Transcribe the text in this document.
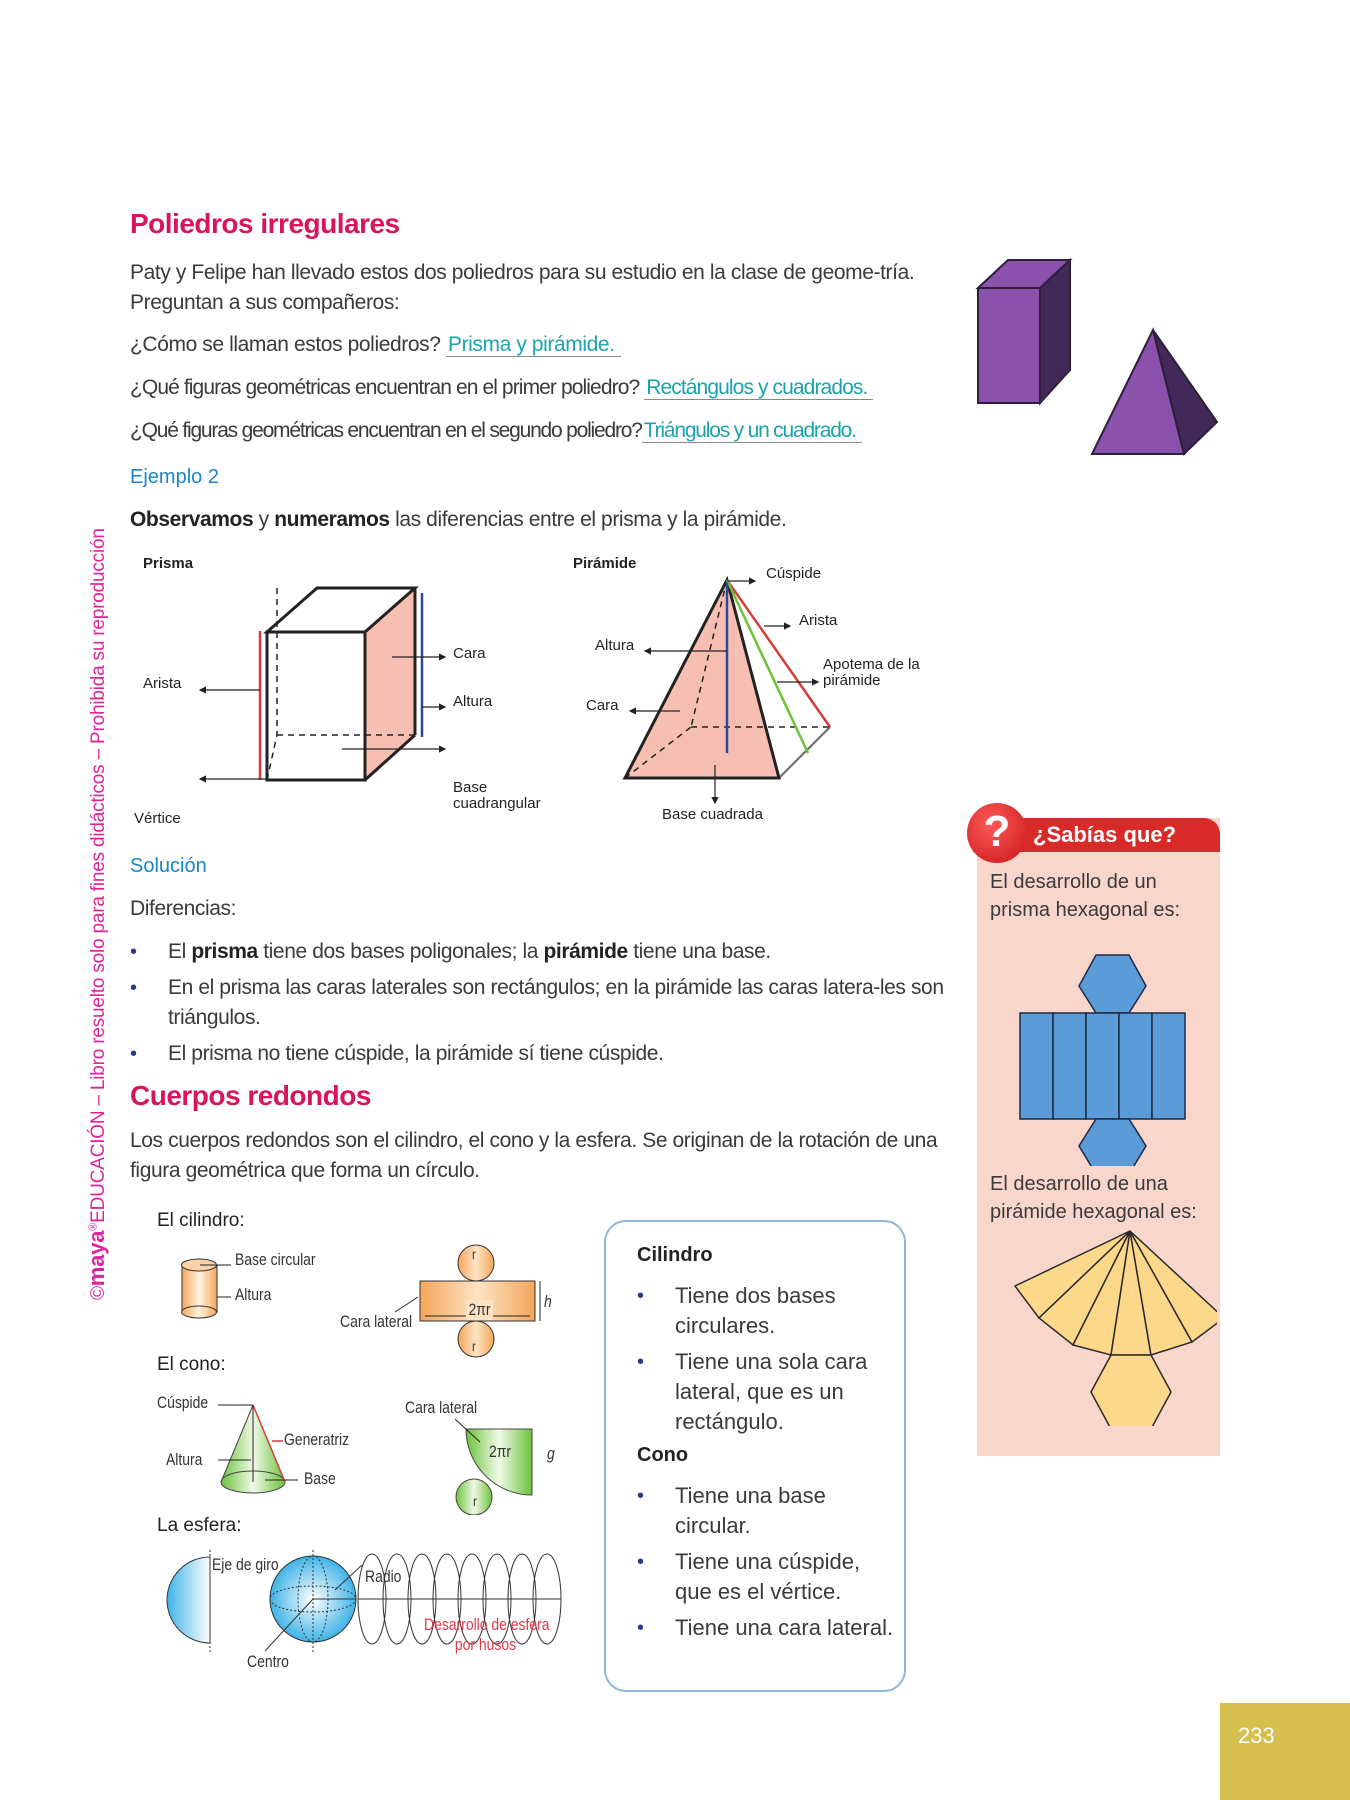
©maya®EDUCACIÓN – Libro resuelto solo para fines didácticos – Prohibida su reproducción
Poliedros irregulares
Paty y Felipe han llevado estos dos poliedros para su estudio en la clase de geome-tría. Preguntan a sus compañeros:
¿Cómo se llaman estos poliedros? Prisma y pirámide.
¿Qué figuras geométricas encuentran en el primer poliedro? Rectángulos y cuadrados.
¿Qué figuras geométricas encuentran en el segundo poliedro?Triángulos y un cuadrado.
Ejemplo 2
Observamos y numeramos las diferencias entre el prisma y la pirámide.
Prisma
Arista
Vértice
Cara
Altura
Base
cuadrangular
Pirámide
Cúspide
Arista
Altura
Apotema de la
pirámide
Cara
Base cuadrada
Solución
Diferencias:
• El prisma tiene dos bases poligonales; la pirámide tiene una base.
• En el prisma las caras laterales son rectángulos; en la pirámide las caras latera-les son triángulos.
• El prisma no tiene cúspide, la pirámide sí tiene cúspide.
Cuerpos redondos
Los cuerpos redondos son el cilindro, el cono y la esfera. Se originan de la rotación de una figura geométrica que forma un círculo.
El cilindro:
Base circular
Altura
Cara lateral
2πr	h
r
r
El cono:
Cúspide
Generatriz
Altura
Base
Cara lateral
2πr g
r
La esfera:
Eje de giro
Radio
Centro
Desarrollo de esfera
por husos
Cilindro
• Tiene dos bases circulares.
• Tiene una sola cara lateral, que es un rectángulo.
Cono
• Tiene una base circular.
• Tiene una cúspide, que es el vértice.
• Tiene una cara lateral.
¿Sabías que?
?

El desarrollo de un prisma hexagonal es:

El desarrollo de una pirámide hexagonal es:

233
